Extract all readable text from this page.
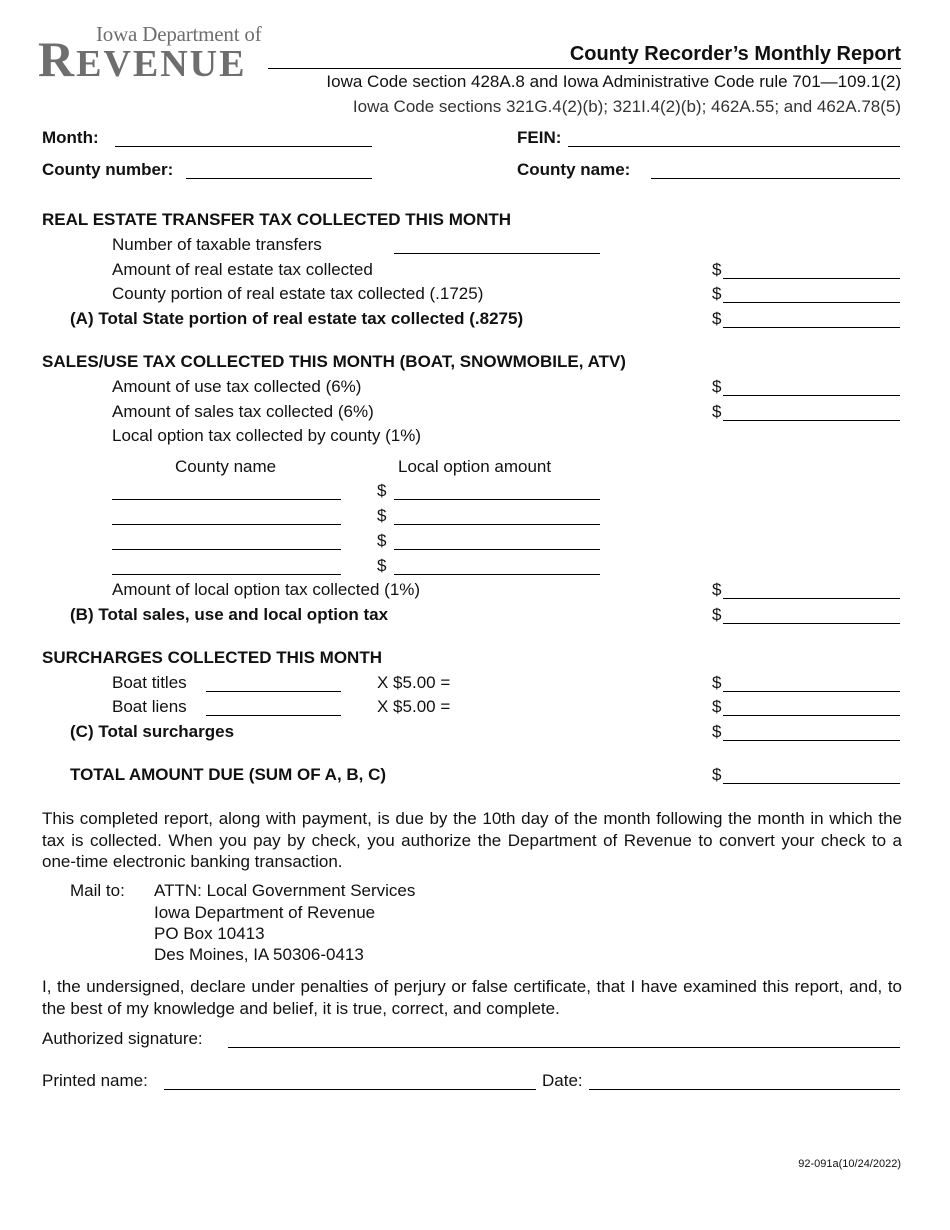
Iowa Department of
REVENUE	County Recorder’s Monthly Report
Iowa Code section 428A.8 and Iowa Administrative Code rule 701—109.1(2)
Iowa Code sections 321G.4(2)(b); 321I.4(2)(b); 462A.55; and 462A.78(5)
Month:	FEIN:
County number:	County name:
REAL ESTATE TRANSFER TAX COLLECTED THIS MONTH
Number of taxable transfers
Amount of real estate tax collected	$
County portion of real estate tax collected (.1725)	$
(A) Total State portion of real estate tax collected (.8275)	$
SALES/USE TAX COLLECTED THIS MONTH (BOAT, SNOWMOBILE, ATV)
Amount of use tax collected (6%)	$
Amount of sales tax collected (6%)	$
Local option tax collected by county (1%)
County name	Local option amount
$
$
$
$
Amount of local option tax collected (1%)	$
(B) Total sales, use and local option tax	$
SURCHARGES COLLECTED THIS MONTH
Boat titles	X $5.00 =	$
Boat liens	X $5.00 =	$
(C) Total surcharges	$
TOTAL AMOUNT DUE (SUM OF A, B, C)	$
This completed report, along with payment, is due by the 10th day of the month following the month in which the tax is collected. When you pay by check, you authorize the Department of Revenue to convert your check to a one-time electronic banking transaction.
Mail to: ATTN: Local Government Services
Iowa Department of Revenue
PO Box 10413
Des Moines, IA 50306-0413
I, the undersigned, declare under penalties of perjury or false certificate, that I have examined this report, and, to the best of my knowledge and belief, it is true, correct, and complete.
Authorized signature:
Printed name:	Date:
92-091a(10/24/2022)
